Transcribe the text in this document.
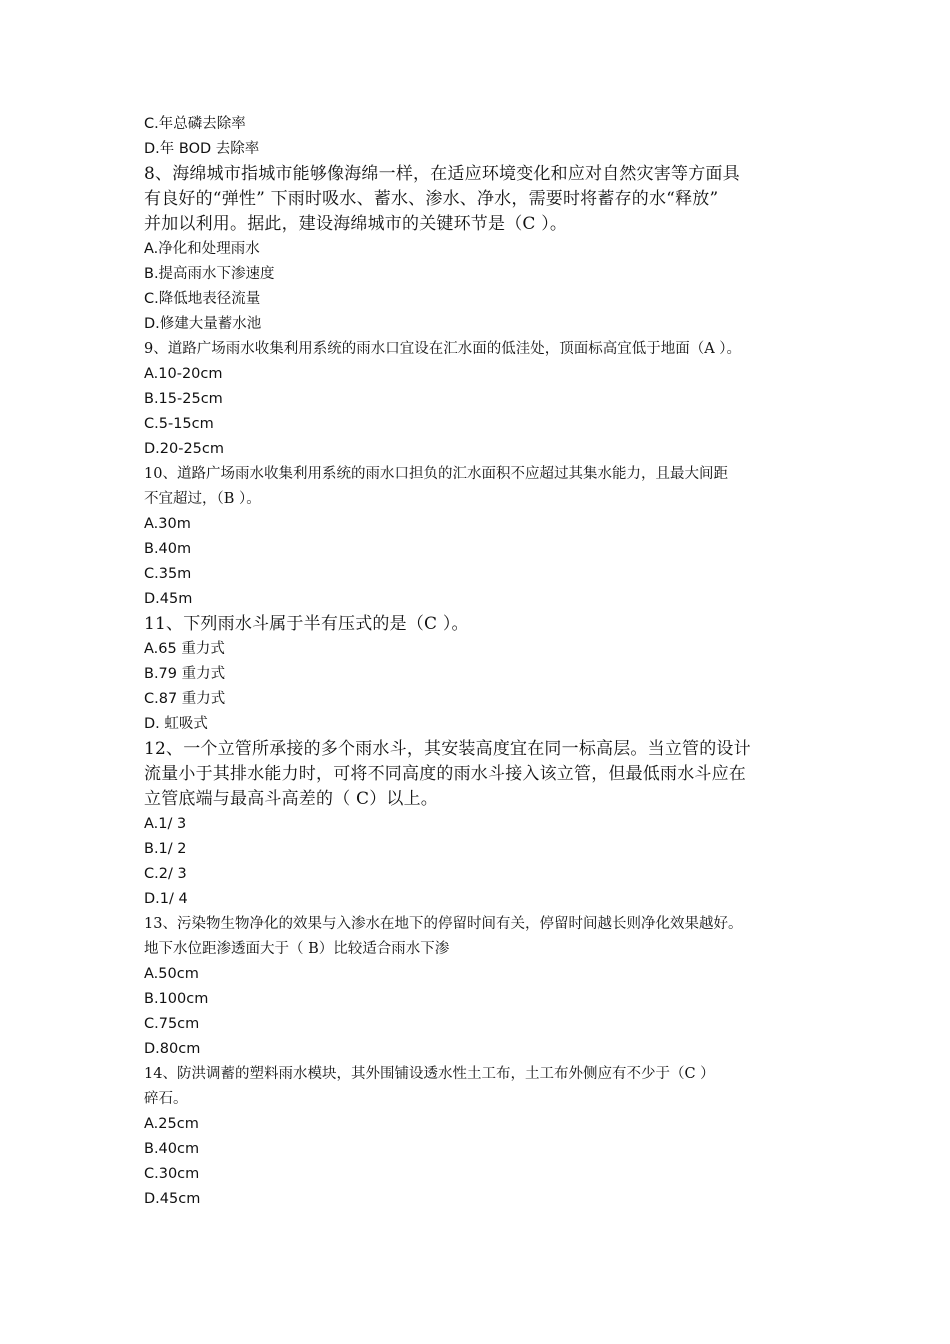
C.年总磷去除率
D.年 BOD 去除率
8、海绵城市指城市能够像海绵一样，在适应环境变化和应对自然灾害等方面具
有良好的“弹性” 下雨时吸水、蓄水、渗水、净水，需要时将蓄存的水“释放”
并加以利用。据此，建设海绵城市的关键环节是（C ）。
A.净化和处理雨水
B.提高雨水下渗速度
C.降低地表径流量
D.修建大量蓄水池
9、道路广场雨水收集利用系统的雨水口宜设在汇水面的低洼处，顶面标高宜低于地面（A ）。
A.10-20cm
B.15-25cm
C.5-15cm
D.20-25cm
10、道路广场雨水收集利用系统的雨水口担负的汇水面积不应超过其集水能力，且最大间距
不宜超过，（B ）。
A.30m
B.40m
C.35m
D.45m
11、下列雨水斗属于半有压式的是（C ）。
A.65 重力式
B.79 重力式
C.87 重力式
D. 虹吸式
12、一个立管所承接的多个雨水斗，其安装高度宜在同一标高层。当立管的设计
流量小于其排水能力时，可将不同高度的雨水斗接入该立管，但最低雨水斗应在
立管底端与最高斗高差的（ C）以上。
A.1/ 3
B.1/ 2
C.2/ 3
D.1/ 4
13、污染物生物净化的效果与入渗水在地下的停留时间有关，停留时间越长则净化效果越好。
地下水位距渗透面大于（ B）比较适合雨水下渗
A.50cm
B.100cm
C.75cm
D.80cm
14、防洪调蓄的塑料雨水模块，其外围铺设透水性土工布，土工布外侧应有不少于（C ）
碎石。
A.25cm
B.40cm
C.30cm
D.45cm
